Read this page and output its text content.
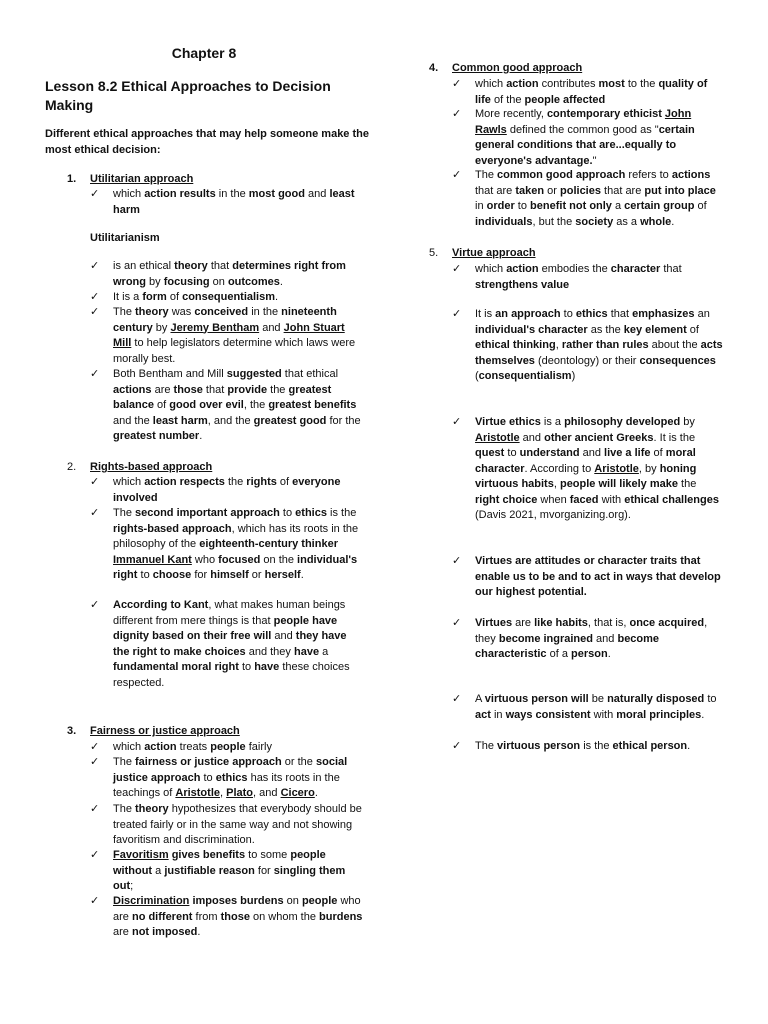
Chapter 8
Lesson 8.2 Ethical Approaches to Decision Making
Different ethical approaches that may help someone make the most ethical decision:
1. Utilitarian approach
2. Rights-based approach
3. Fairness or justice approach
4. Common good approach
5. Virtue approach
Utilitarianism
✓ which action results in the most good and least harm
✓ is an ethical theory that determines right from wrong by focusing on outcomes.
✓ It is a form of consequentialism.
✓ The theory was conceived in the nineteenth century by Jeremy Bentham and John Stuart Mill to help legislators determine which laws were morally best.
✓ Both Bentham and Mill suggested that ethical actions are those that provide the greatest balance of good over evil, the greatest benefits and the least harm, and the greatest good for the greatest number.
✓ which action respects the rights of everyone involved
✓ The second important approach to ethics is the rights-based approach, which has its roots in the philosophy of the eighteenth-century thinker Immanuel Kant who focused on the individual's right to choose for himself or herself.
✓ According to Kant, what makes human beings different from mere things is that people have dignity based on their free will and they have the right to make choices and they have a fundamental moral right to have these choices respected.
✓ which action treats people fairly
✓ The fairness or justice approach or the social justice approach to ethics has its roots in the teachings of Aristotle, Plato, and Cicero.
✓ The theory hypothesizes that everybody should be treated fairly or in the same way and not showing favoritism and discrimination.
✓ Favoritism gives benefits to some people without a justifiable reason for singling them out;
✓ Discrimination imposes burdens on people who are no different from those on whom the burdens are not imposed.
✓ which action contributes most to the quality of life of the people affected
✓ More recently, contemporary ethicist John Rawls defined the common good as "certain general conditions that are...equally to everyone's advantage."
✓ The common good approach refers to actions that are taken or policies that are put into place in order to benefit not only a certain group of individuals, but the society as a whole.
✓ which action embodies the character that strengthens value
✓ It is an approach to ethics that emphasizes an individual's character as the key element of ethical thinking, rather than rules about the acts themselves (deontology) or their consequences (consequentialism)
✓ Virtue ethics is a philosophy developed by Aristotle and other ancient Greeks. It is the quest to understand and live a life of moral character. According to Aristotle, by honing virtuous habits, people will likely make the right choice when faced with ethical challenges (Davis 2021, mvorganizing.org).
✓ Virtues are attitudes or character traits that enable us to be and to act in ways that develop our highest potential.
✓ Virtues are like habits, that is, once acquired, they become ingrained and become characteristic of a person.
✓ A virtuous person will be naturally disposed to act in ways consistent with moral principles.
✓ The virtuous person is the ethical person.
